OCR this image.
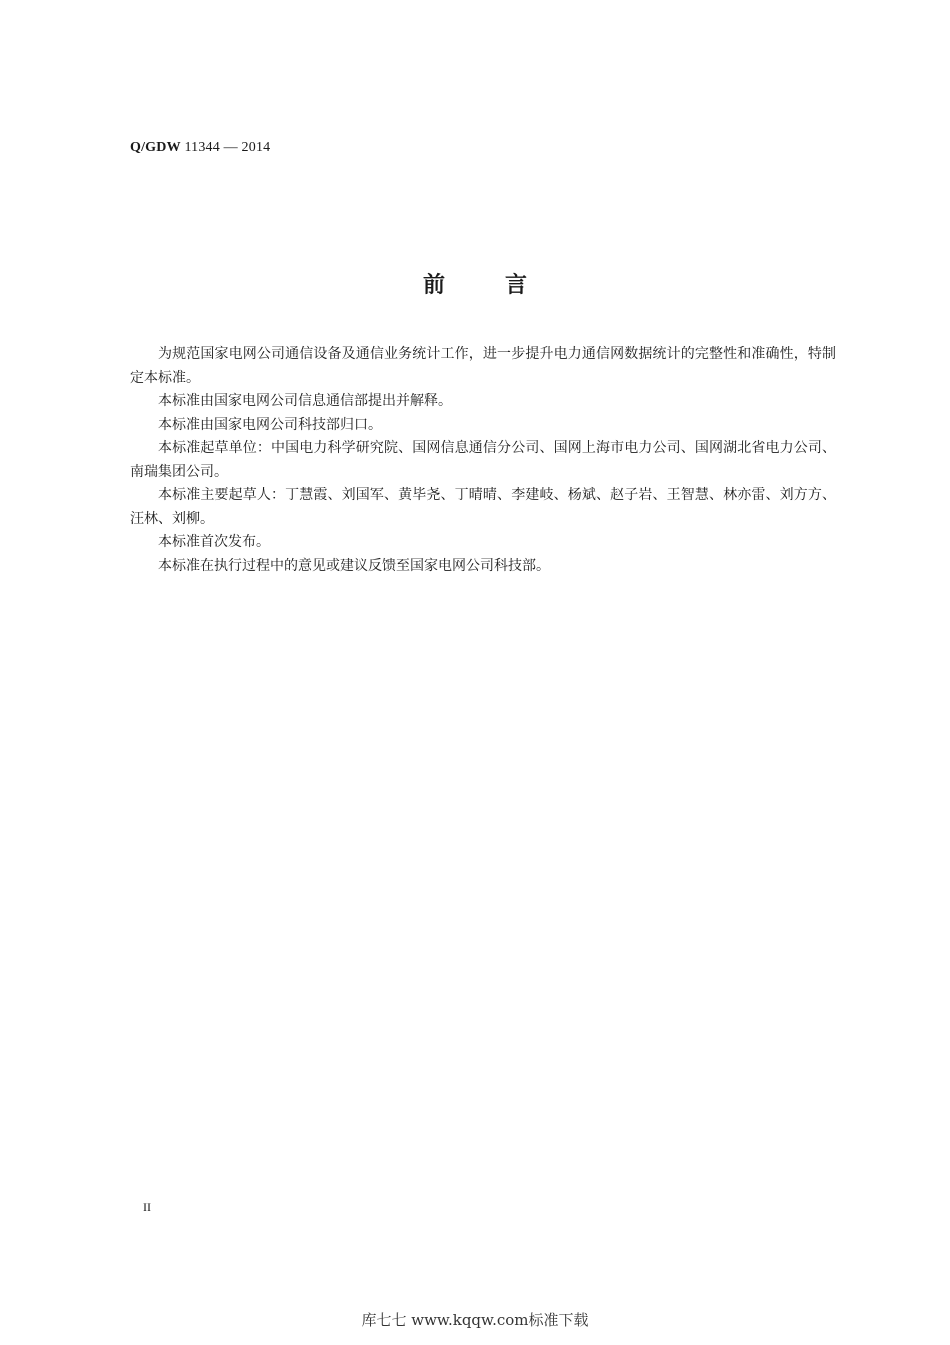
Q/GDW 11344 — 2014
前	言

为规范国家电网公司通信设备及通信业务统计工作，进一步提升电力通信网数据统计的完整性和准确性，特制定本标准。

本标准由国家电网公司信息通信部提出并解释。

本标准由国家电网公司科技部归口。

本标准起草单位：中国电力科学研究院、国网信息通信分公司、国网上海市电力公司、国网湖北省电力公司、南瑞集团公司。

本标准主要起草人：丁慧霞、刘国军、黄毕尧、丁晴晴、李建岐、杨斌、赵子岩、王智慧、林亦雷、刘方方、汪林、刘柳。

本标准首次发布。

本标准在执行过程中的意见或建议反馈至国家电网公司科技部。

II
库七七 www.kqqw.com标准下载
